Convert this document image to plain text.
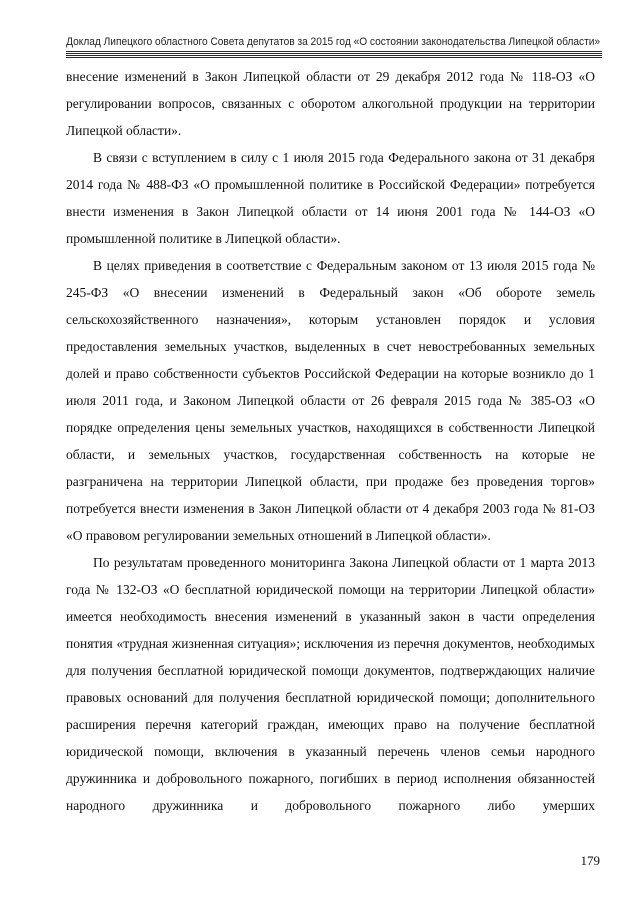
Доклад Липецкого областного Совета депутатов за 2015 год «О состоянии законодательства Липецкой области»

внесение изменений в Закон Липецкой области от 29 декабря 2012 года № 118-ОЗ «О регулировании вопросов, связанных с оборотом алкогольной продукции на территории Липецкой области».

В связи с вступлением в силу с 1 июля 2015 года Федерального закона от 31 декабря 2014 года № 488-ФЗ «О промышленной политике в Российской Федерации» потребуется внести изменения в Закон Липецкой области от 14 июня 2001 года № 144-ОЗ «О промышленной политике в Липецкой области».

В целях приведения в соответствие с Федеральным законом от 13 июля 2015 года № 245-ФЗ «О внесении изменений в Федеральный закон «Об обороте земель сельскохозяйственного назначения», которым установлен порядок и условия предоставления земельных участков, выделенных в счет невостребованных земельных долей и право собственности субъектов Российской Федерации на которые возникло до 1 июля 2011 года, и Законом Липецкой области от 26 февраля 2015 года № 385-ОЗ «О порядке определения цены земельных участков, находящихся в собственности Липецкой области, и земельных участков, государственная собственность на которые не разграничена на территории Липецкой области, при продаже без проведения торгов» потребуется внести изменения в Закон Липецкой области от 4 декабря 2003 года № 81-ОЗ «О правовом регулировании земельных отношений в Липецкой области».

По результатам проведенного мониторинга Закона Липецкой области от 1 марта 2013 года № 132-ОЗ «О бесплатной юридической помощи на территории Липецкой области» имеется необходимость внесения изменений в указанный закон в части определения понятия «трудная жизненная ситуация»; исключения из перечня документов, необходимых для получения бесплатной юридической помощи документов, подтверждающих наличие правовых оснований для получения бесплатной юридической помощи; дополнительного расширения перечня категорий граждан, имеющих право на получение бесплатной юридической помощи, включения в указанный перечень членов семьи народного дружинника и добровольного пожарного, погибших в период исполнения обязанностей народного дружинника и добровольного пожарного либо умерших

179
